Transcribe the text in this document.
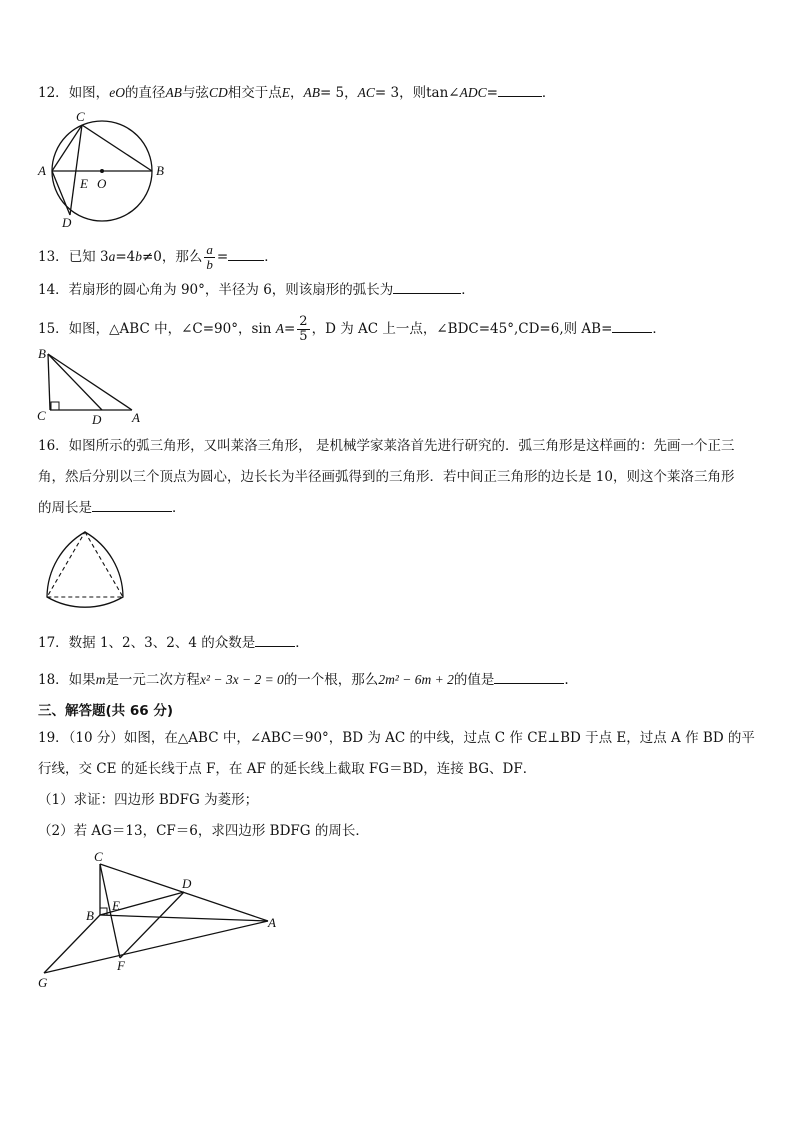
12．如图，eO的直径AB与弦CD相交于点E，AB= 5，AC= 3，则tan∠ADC=	．
C
A	B
E O
D
13．已知 3a=4b≠0，那么 $\frac{a}{b}$ =	．
14．若扇形的圆心角为 90°，半径为 6，则该扇形的弧长为	．
15．如图，△ABC 中，∠C=90°，$\sin A= \frac{2}{5}$ ，D 为 AC 上一点，∠BDC=45°,CD=6,则 AB=	．
B
C	D A
16．如图所示的弧三角形，又叫莱洛三角形， 是机械学家莱洛首先进行研究的．弧三角形是这样画的：先画一个正三
角，然后分别以三个顶点为圆心，边长长为半径画弧得到的三角形．若中间正三角形的边长是 10，则这个莱洛三角形
的周长是	．
17．数据 1、2、3、2、4 的众数是	．
18．如果m是一元二次方程x² − 3x − 2 = 0的一个根，那么2m² − 6m + 2的值是	.
三、解答题(共 66 分)
19．（10 分）如图，在△ABC 中，∠ABC＝90°，BD 为 AC 的中线，过点 C 作 CE⊥BD 于点 E，过点 A 作 BD 的平
行线，交 CE 的延长线于点 F，在 AF 的延长线上截取 FG＝BD，连接 BG、DF．
（1）求证：四边形 BDFG 为菱形；
（2）若 AG＝13，CF＝6，求四边形 BDFG 的周长．
C
D
B
E
A
F
G
